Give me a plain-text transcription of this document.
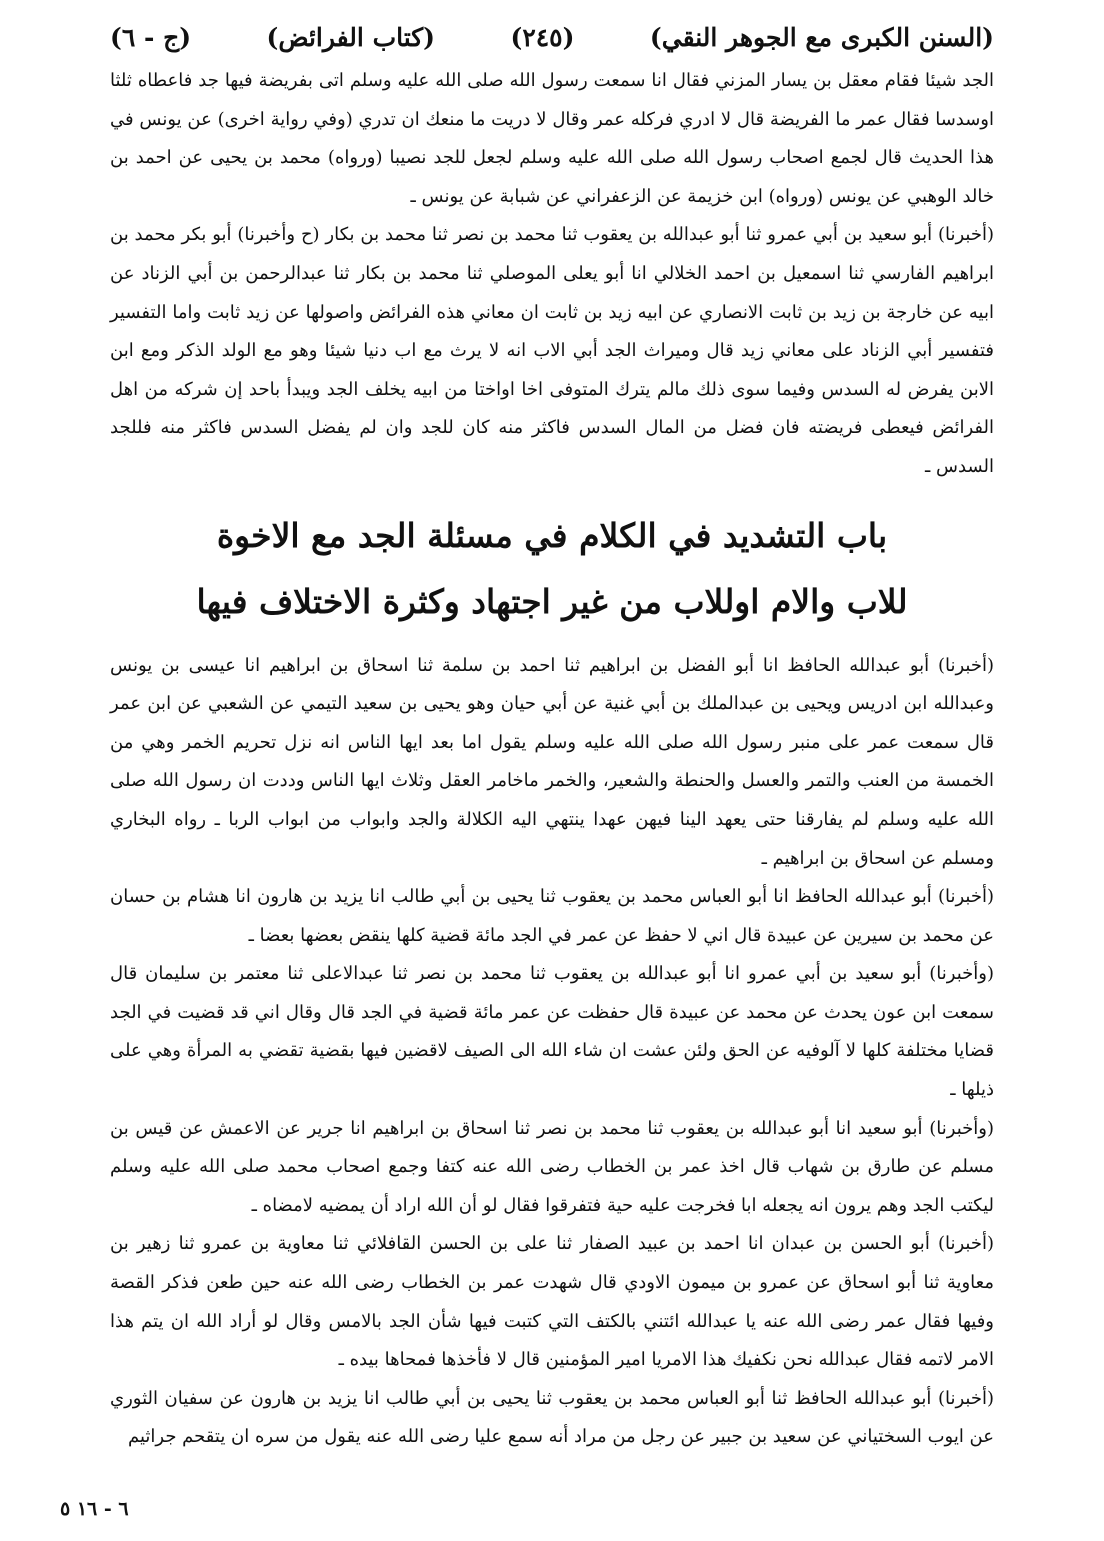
(السنن الكبرى مع الجوهر النقي)
(٢٤٥)
(كتاب الفرائض)
(ج - ٦)

الجد شيئا فقام معقل بن يسار المزني فقال انا سمعت رسول الله صلى الله عليه وسلم اتى بفريضة فيها جد فاعطاه ثلثا اوسدسا فقال عمر ما الفريضة قال لا ادري فركله عمر وقال لا دريت ما منعك ان تدري (وفي رواية اخرى) عن يونس في هذا الحديث قال لجمع اصحاب رسول الله صلى الله عليه وسلم لجعل للجد نصيبا (ورواه) محمد بن يحيى عن احمد بن خالد الوهبي عن يونس (ورواه) ابن خزيمة عن الزعفراني عن شبابة عن يونس ـ

(أخبرنا) أبو سعيد بن أبي عمرو ثنا أبو عبدالله بن يعقوب ثنا محمد بن نصر ثنا محمد بن بكار (ح وأخبرنا) أبو بكر محمد بن ابراهيم الفارسي ثنا اسمعيل بن احمد الخلالي انا أبو يعلى الموصلي ثنا محمد بن بكار ثنا عبدالرحمن بن أبي الزناد عن ابيه عن خارجة بن زيد بن ثابت الانصاري عن ابيه زيد بن ثابت ان معاني هذه الفرائض واصولها عن زيد ثابت واما التفسير فتفسير أبي الزناد على معاني زيد قال وميراث الجد أبي الاب انه لا يرث مع اب دنيا شيئا وهو مع الولد الذكر ومع ابن الابن يفرض له السدس وفيما سوى ذلك مالم يترك المتوفى اخا اواختا من ابيه يخلف الجد ويبدأ باحد إن شركه من اهل الفرائض فيعطى فريضته فان فضل من المال السدس فاكثر منه كان للجد وان لم يفضل السدس فاكثر منه فللجد السدس ـ

باب التشديد في الكلام في مسئلة الجد مع الاخوة
للاب والام اوللاب من غير اجتهاد وكثرة الاختلاف فيها

(أخبرنا) أبو عبدالله الحافظ انا أبو الفضل بن ابراهيم ثنا احمد بن سلمة ثنا اسحاق بن ابراهيم انا عيسى بن يونس وعبدالله ابن ادريس ويحيى بن عبدالملك بن أبي غنية عن أبي حيان وهو يحيى بن سعيد التيمي عن الشعبي عن ابن عمر قال سمعت عمر على منبر رسول الله صلى الله عليه وسلم يقول اما بعد ايها الناس انه نزل تحريم الخمر وهي من الخمسة من العنب والتمر والعسل والحنطة والشعير، والخمر ماخامر العقل وثلاث ايها الناس وددت ان رسول الله صلى الله عليه وسلم لم يفارقنا حتى يعهد الينا فيهن عهدا ينتهي اليه الكلالة والجد وابواب من ابواب الربا ـ رواه البخاري ومسلم عن اسحاق بن ابراهيم ـ

(أخبرنا) أبو عبدالله الحافظ انا أبو العباس محمد بن يعقوب ثنا يحيى بن أبي طالب انا يزيد بن هارون انا هشام بن حسان عن محمد بن سيرين عن عبيدة قال اني لا حفظ عن عمر في الجد مائة قضية كلها ينقض بعضها بعضا ـ

(وأخبرنا) أبو سعيد بن أبي عمرو انا أبو عبدالله بن يعقوب ثنا محمد بن نصر ثنا عبدالاعلى ثنا معتمر بن سليمان قال سمعت ابن عون يحدث عن محمد عن عبيدة قال حفظت عن عمر مائة قضية في الجد قال وقال اني قد قضيت في الجد قضايا مختلفة كلها لا آلوفيه عن الحق ولئن عشت ان شاء الله الى الصيف لاقضين فيها بقضية تقضي به المرأة وهي على ذيلها ـ

(وأخبرنا) أبو سعيد انا أبو عبدالله بن يعقوب ثنا محمد بن نصر ثنا اسحاق بن ابراهيم انا جرير عن الاعمش عن قيس بن مسلم عن طارق بن شهاب قال اخذ عمر بن الخطاب رضى الله عنه كتفا وجمع اصحاب محمد صلى الله عليه وسلم ليكتب الجد وهم يرون انه يجعله ابا فخرجت عليه حية فتفرقوا فقال لو أن الله اراد أن يمضيه لامضاه ـ

(أخبرنا) أبو الحسن بن عبدان انا احمد بن عبيد الصفار ثنا على بن الحسن القافلائي ثنا معاوية بن عمرو ثنا زهير بن معاوية ثنا أبو اسحاق عن عمرو بن ميمون الاودي قال شهدت عمر بن الخطاب رضى الله عنه حين طعن فذكر القصة وفيها فقال عمر رضى الله عنه يا عبدالله ائتني بالكتف التي كتبت فيها شأن الجد بالامس وقال لو أراد الله ان يتم هذا الامر لاتمه فقال عبدالله نحن نكفيك هذا الامريا امير المؤمنين قال لا فأخذها فمحاها بيده ـ

(أخبرنا) أبو عبدالله الحافظ ثنا أبو العباس محمد بن يعقوب ثنا يحيى بن أبي طالب انا يزيد بن هارون عن سفيان الثوري عن ايوب السختياني عن سعيد بن جبير عن رجل من مراد أنه سمع عليا رضى الله عنه يقول من سره ان يتقحم جراثيم

٦ - ١٦ ٥
